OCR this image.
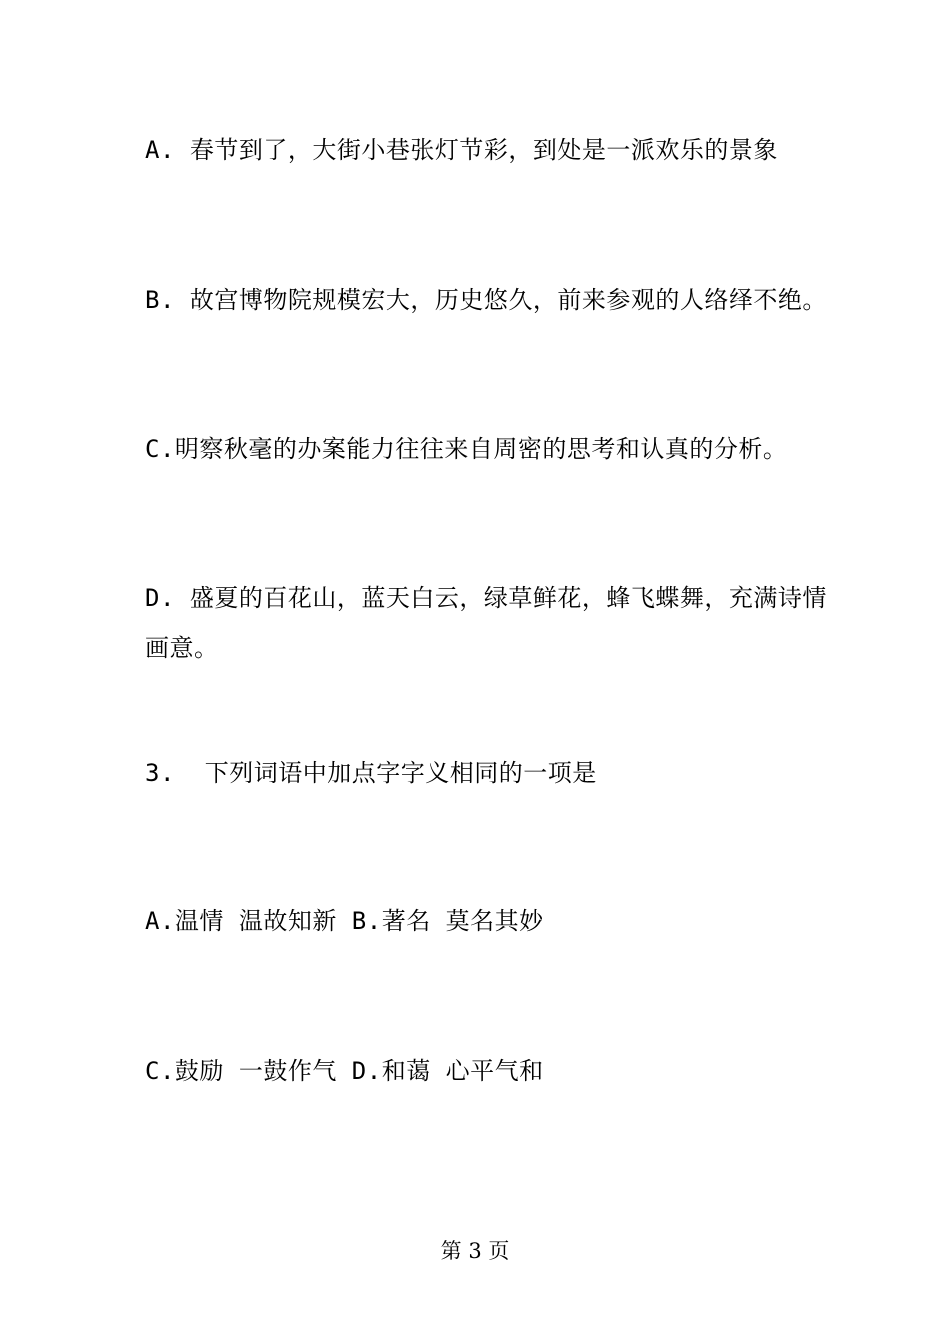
A. 春节到了，大街小巷张灯节彩，到处是一派欢乐的景象
B. 故宫博物院规模宏大，历史悠久，前来参观的人络绎不绝。
C.明察秋毫的办案能力往往来自周密的思考和认真的分析。
D. 盛夏的百花山，蓝天白云，绿草鲜花，蜂飞蝶舞，充满诗情
画意。
3.  下列词语中加点字字义相同的一项是
A.温情 温故知新 B.著名 莫名其妙
C.鼓励 一鼓作气 D.和蔼 心平气和
第 3 页
